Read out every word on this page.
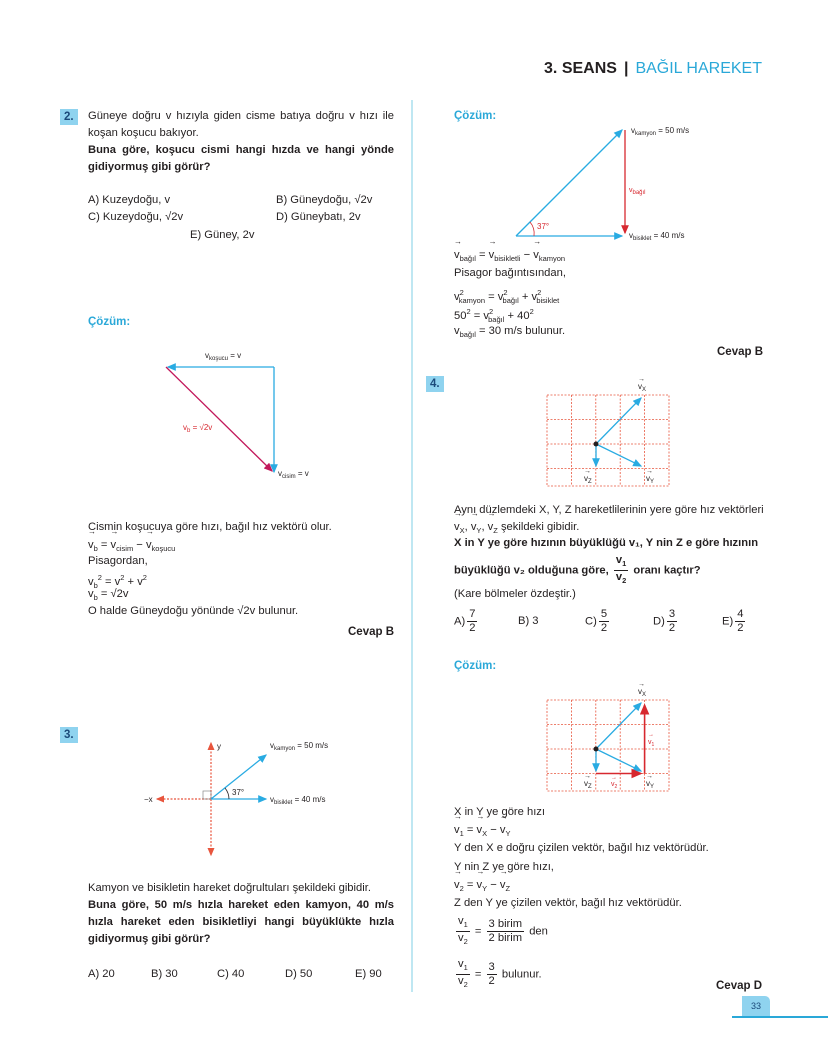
3. SEANS | BAĞIL HAREKET
2.	Güneye doğru v hızıyla giden cisme batıya doğru v hızı ile koşan koşucu bakıyor.
Buna göre, koşucu cismi hangi hızda ve hangi yönde gidiyormuş gibi görür?
A) Kuzeydoğu, v	B) Güneydoğu, √2v
C) Kuzeydoğu, √2v	D) Güneybatı, 2v
E) Güney, 2v
Çözüm:
$v_{koşucu} = v$
$v_b = √2v$
$v_{cisim} = v$
Cismin koşucuya göre hızı, bağıl hız vektörü olur.
→ $v_b$ = → $v_{cisim}$ − → $v_{koşucu}$
Pisagordan,
$v_b^2 = v^2 + v^2$
$v_b = √2v$
O halde Güneydoğu yönünde √2v bulunur.
Cevap B
3.
37°
y
−x
$v_{kamyon} = 50$ m/s
$v_{bisiklet} = 40$ m/s
Kamyon ve bisikletin hareket doğrultuları şekildeki gibidir.
Buna göre, 50 m/s hızla hareket eden kamyon, 40 m/s hızla hareket eden bisikletliyi hangi büyüklükte hızla gidiyormuş gibi görür?
A) 20	B) 30	C) 40	D) 50	E) 90
Çözüm:
37°
$v_{kamyon} = 50$ m/s
vbağıl
$v_{bisiklet} = 40$ m/s
→ $v_{bağıl}$ = → $v_{bisikletli}$ − → $v_{kamyon}$
Pisagor bağıntısından,
$v^2_{kamyon} = v^2_{bağıl} + v^2_{bisiklet}$
$50^2 = v^2_{bağıl} + 40^2$
$v_{bağıl} = 30$ m/s bulunur.
Cevap B
4.	$v_X$
→
$v_Z$
→
$v_Y$
→
Aynı düzlemdeki X, Y, Z hareketlilerinin yere göre hız vektörleri
→ $v_X$, → $v_Y$, → $v_Z$ şekildeki gibidir.
X in Y ye göre hızının büyüklüğü v₁, Y nin Z e göre hızının
büyüklüğü v₂ olduğuna göre, $\frac{v_1}{v_2}$ oranı kaçtır?
(Kare bölmeler özdeştir.)
$A) \frac{7}{2}$	B) 3	$C) \frac{5}{2}$	$D) \frac{3}{2}$	$E) \frac{4}{2}$
Çözüm:
$v_X$
→
$v_1$
→
$v_Z$
→
$v_2$
→
$v_Y$
→
X in Y ye göre hızı
→ $v_1$ = → $v_X$ − → $v_Y$
Y den X e doğru çizilen vektör, bağıl hız vektörüdür.
Y nin Z ye göre hızı,
→ $v_2$ = → $v_Y$ − → $v_Z$
Z den Y ye çizilen vektör, bağıl hız vektörüdür.
$\frac{v_1}{v_2} = \frac{\text{3 birim}}{\text{2 birim}}$ den
$\frac{v_1}{v_2} = \frac{3}{2}$ bulunur.
Cevap D
33
